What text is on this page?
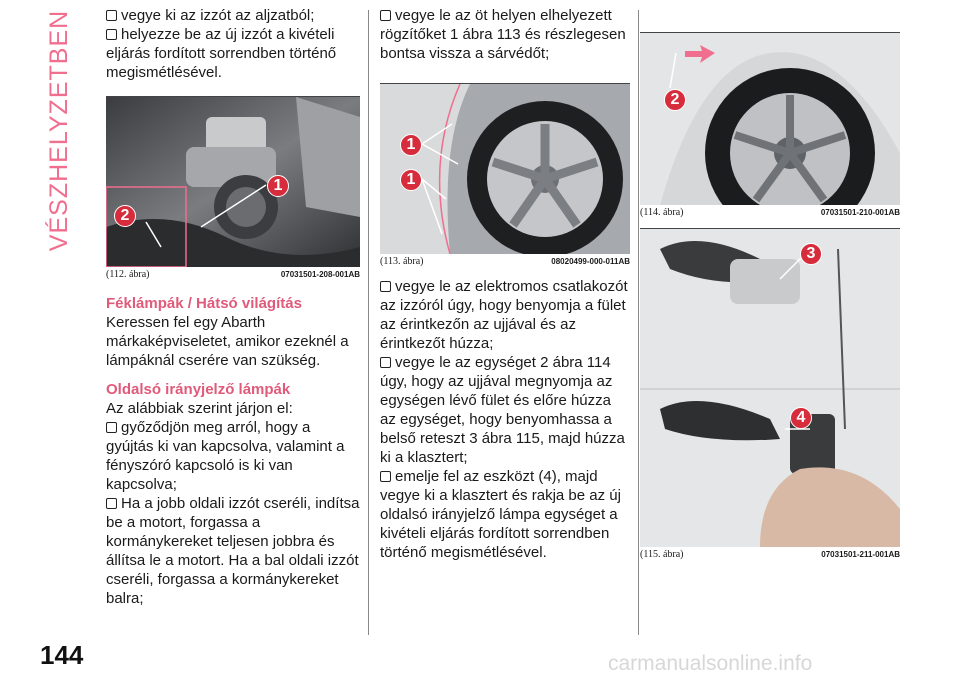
VÉSZHELYZETBEN	vegye ki az izzót az aljzatból;

helyezze be az új izzót a kivételi eljárás fordított sorrendben történő megismétlésével.

1
2
(112. ábra)	07031501-208-001AB
Féklámpák / Hátsó világítás

Keressen fel egy Abarth márkaképviseletet, amikor ezeknél a lámpáknál cserére van szükség.

Oldalsó irányjelző lámpák

Az alábbiak szerint járjon el:

győződjön meg arról, hogy a gyújtás ki van kapcsolva, valamint a fényszóró kapcsoló is ki van kapcsolva;

Ha a jobb oldali izzót cseréli, indítsa be a motort, forgassa a kormánykereket teljesen jobbra és állítsa le a motort. Ha a bal oldali izzót cseréli, forgassa a kormánykereket balra;

vegye le az öt helyen elhelyezett rögzítőket 1 ábra 113 és részlegesen bontsa vissza a sárvédőt;

1
1
(113. ábra)	08020499-000-011AB

vegye le az elektromos csatlakozót az izzóról úgy, hogy benyomja a fület az érintkezőn az ujjával és az érintkezőt húzza;

vegye le az egységet 2 ábra 114 úgy, hogy az ujjával megnyomja az egységen lévő fület és előre húzza az egységet, hogy benyomhassa a belső reteszt 3 ábra 115, majd húzza ki a klasztert;

emelje fel az eszközt (4), majd vegye ki a klasztert és rakja be az új oldalsó irányjelző lámpa egységet a kivételi eljárás fordított sorrendben történő megismétlésével.

2
(114. ábra)	07031501-210-001AB
3
4
(115. ábra)	07031501-211-001AB
144	carmanualsonline.info
